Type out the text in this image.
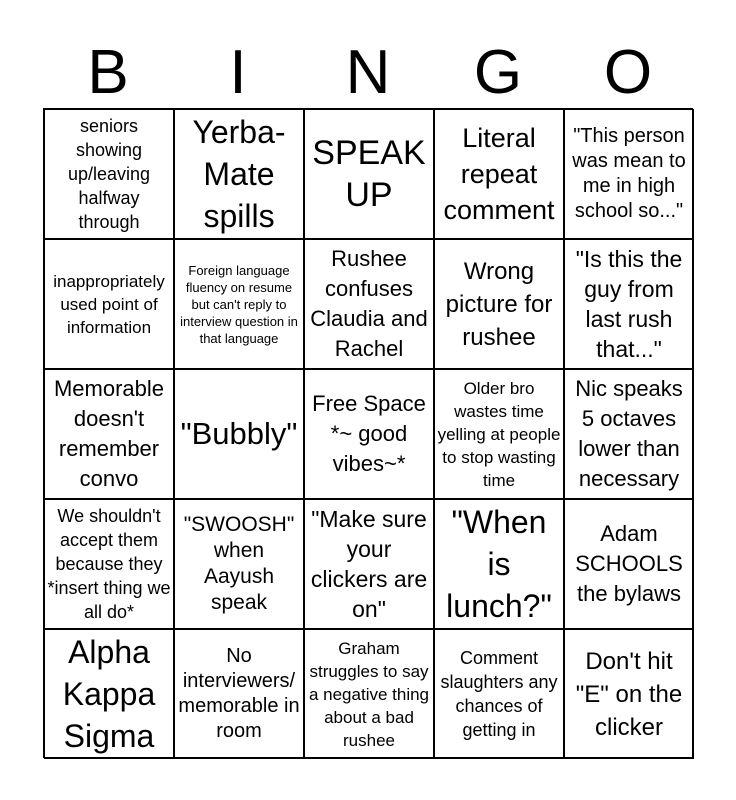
B	I	N	G	O
seniors showing up/leaving halfway through
Yerba-Mate spills
SPEAK UP
Literal repeat comment
"This person was mean to me in high school so..."
inappropriately used point of information
Foreign language fluency on resume but can't reply to interview question in that language
Rushee confuses Claudia and Rachel
Wrong picture for rushee
"Is this the guy from last rush that..."
Memorable doesn't remember convo
"Bubbly"
Free Space *~ good vibes~*
Older bro wastes time yelling at people to stop wasting time
Nic speaks 5 octaves lower than necessary
We shouldn't accept them because they *insert thing we all do*
"SWOOSH" when Aayush speak
"Make sure your clickers are on"
"When is lunch?"
Adam SCHOOLS the bylaws
Alpha Kappa Sigma
No interviewers/ memorable in room
Graham struggles to say a negative thing about a bad rushee
Comment slaughters any chances of getting in
Don't hit "E" on the clicker
